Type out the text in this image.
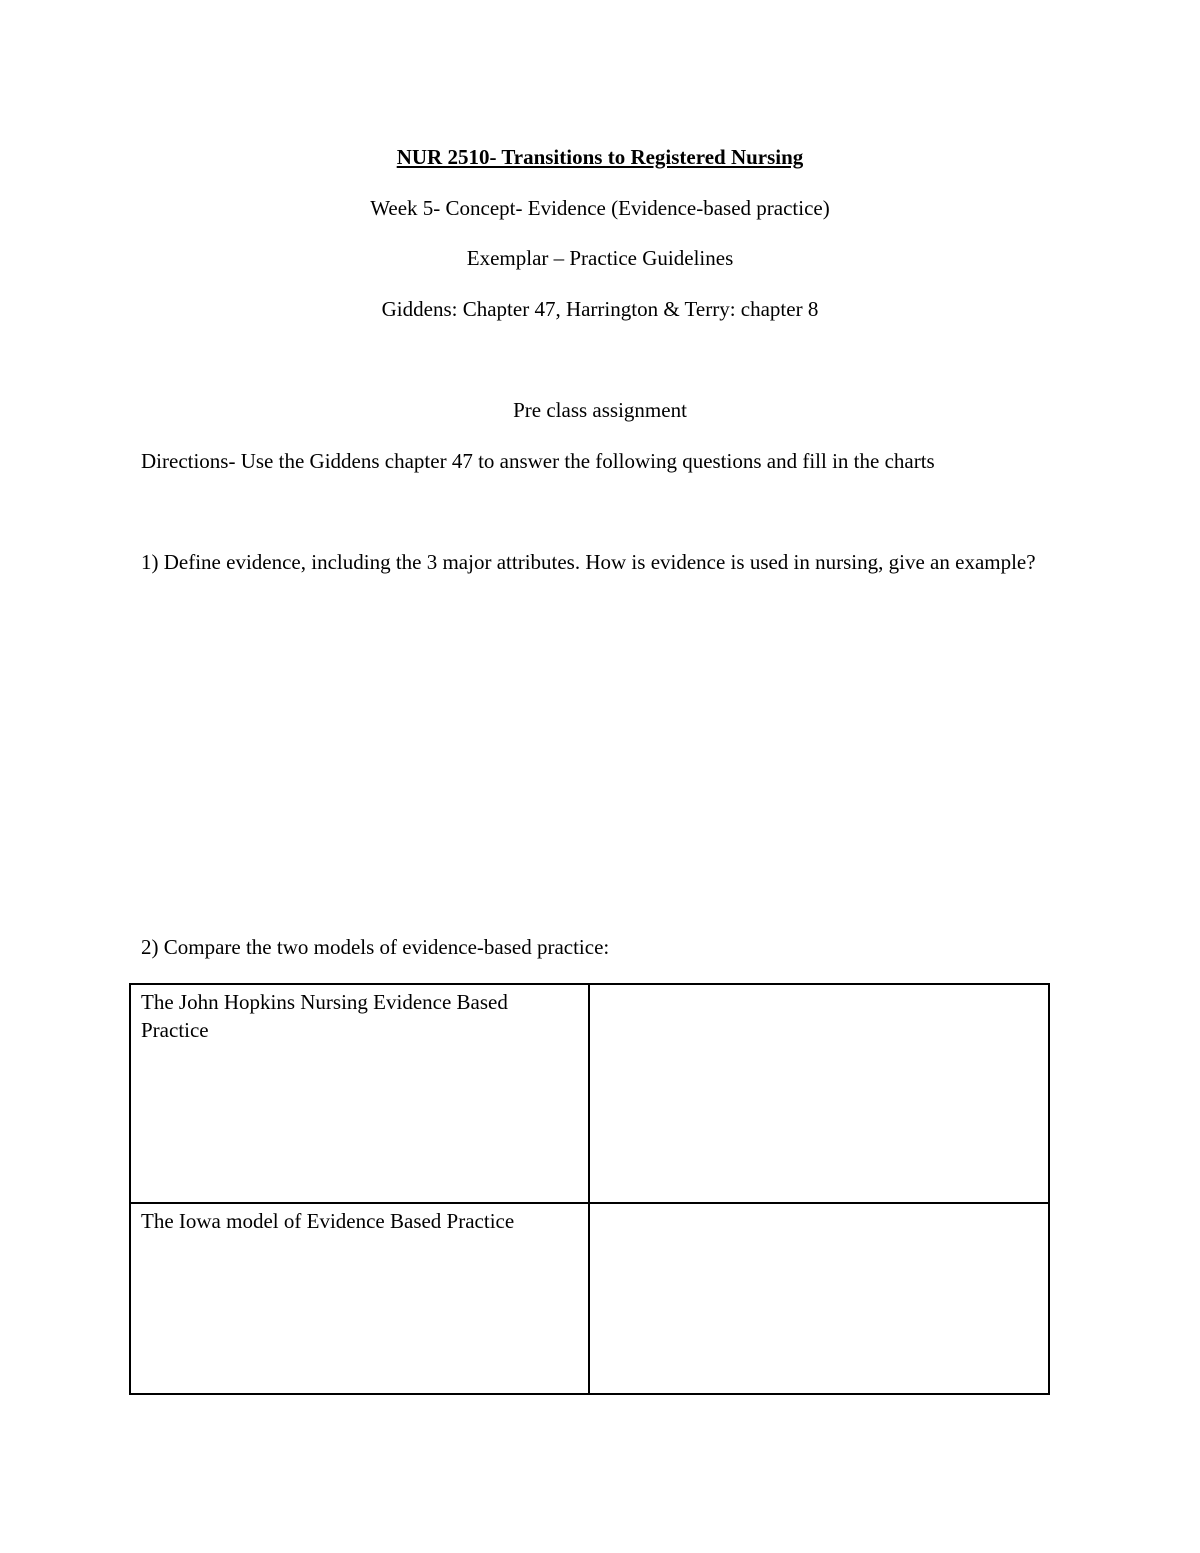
NUR 2510- Transitions to Registered Nursing
Week 5- Concept- Evidence (Evidence-based practice)
Exemplar – Practice Guidelines
Giddens: Chapter 47, Harrington & Terry: chapter 8
Pre class assignment
Directions- Use the Giddens chapter 47 to answer the following questions and fill in the charts
1) Define evidence, including the 3 major attributes. How is evidence is used in nursing, give an example?
2) Compare the two models of evidence-based practice:
The John Hopkins Nursing Evidence Based Practice	
The Iowa model of Evidence Based Practice	
